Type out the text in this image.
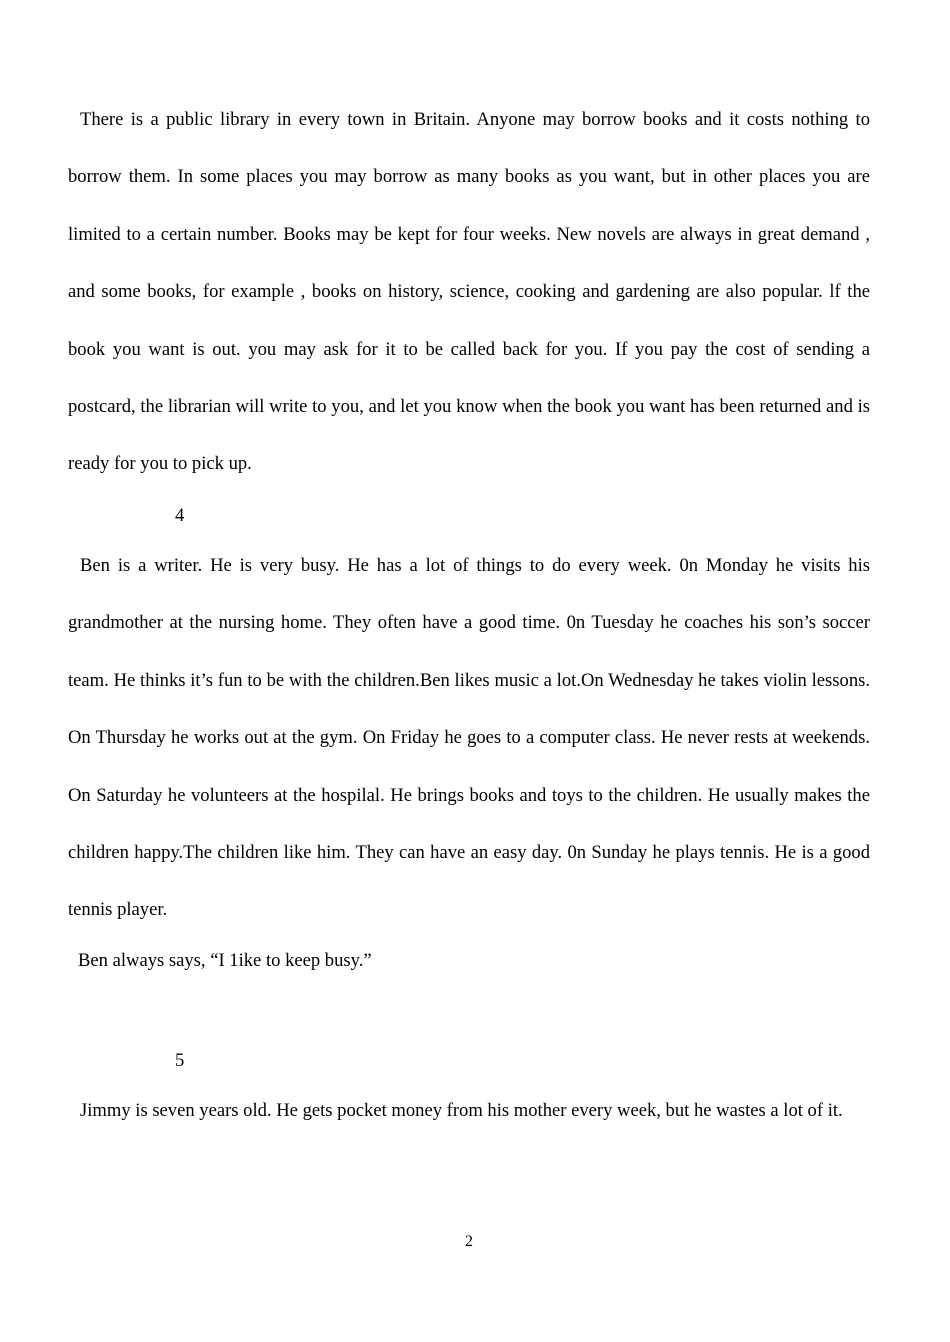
There is a public library in every town in Britain. Anyone may borrow books and it costs nothing to borrow them. In some places you may borrow as many books as you want, but in other places you are limited to a certain number. Books may be kept for four weeks. New novels are always in great demand , and some books, for example , books on history, science, cooking and gardening are also popular. lf the book you want is out. you may ask for it to be called back for you. If you pay the cost of sending a postcard, the librarian will write to you, and let you know when the book you want has been returned and is ready for you to pick up.

4

Ben is a writer. He is very busy. He has a lot of things to do every week. 0n Monday he visits his grandmother at the nursing home. They often have a good time. 0n Tuesday he coaches his son’s soccer team. He thinks it’s fun to be with the children.Ben likes music a lot.On Wednesday he takes violin lessons. On Thursday he works out at the gym. On Friday he goes to a computer class. He never rests at weekends. On Saturday he volunteers at the hospilal. He brings books and toys to the children. He usually makes the children happy.The children like him. They can have an easy day. 0n Sunday he plays tennis. He is a good tennis player.

Ben always says, “I 1ike to keep busy.”

5

Jimmy is seven years old. He gets pocket money from his mother every week, but he wastes a lot of it.

2
